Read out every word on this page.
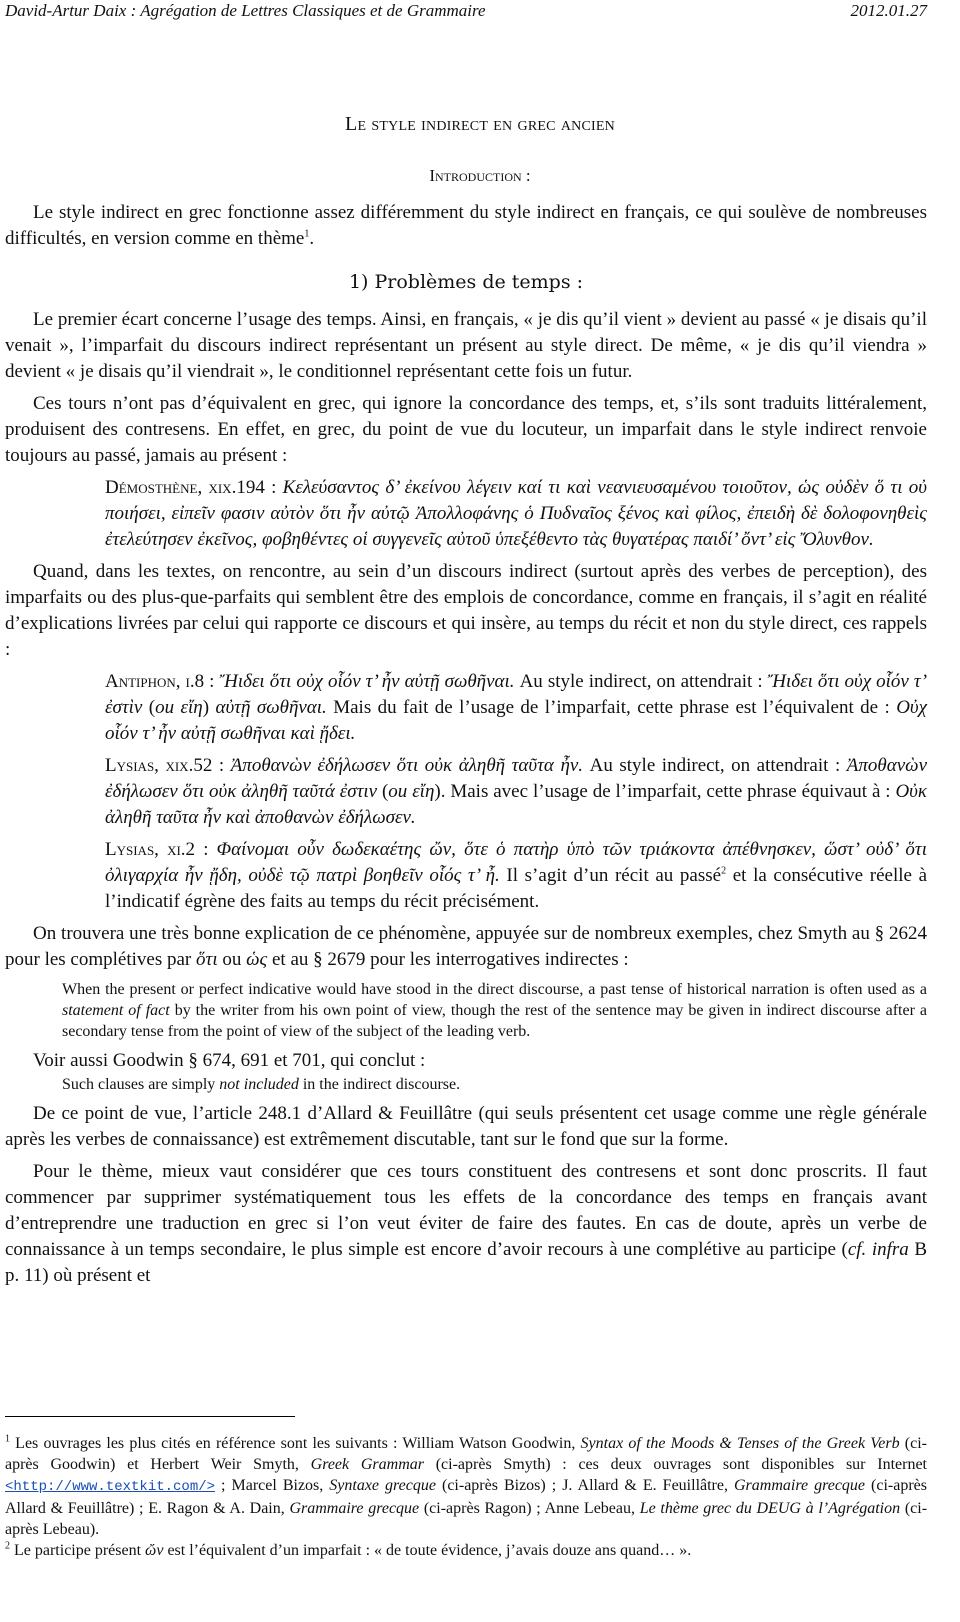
David-Artur Daix : Agrégation de Lettres Classiques et de Grammaire	2012.01.27
Le style indirect en grec ancien
Introduction :

Le style indirect en grec fonctionne assez différemment du style indirect en français, ce qui soulève de nombreuses difficultés, en version comme en thème$^1$.

1) Problèmes de temps :

Le premier écart concerne l’usage des temps. Ainsi, en français, « je dis qu’il vient » devient au passé « je disais qu’il venait », l’imparfait du discours indirect représentant un présent au style direct. De même, « je dis qu’il viendra » devient « je disais qu’il viendrait », le conditionnel représentant cette fois un futur.

Ces tours n’ont pas d’équivalent en grec, qui ignore la concordance des temps, et, s’ils sont traduits littéralement, produisent des contresens. En effet, en grec, du point de vue du locuteur, un imparfait dans le style indirect renvoie toujours au passé, jamais au présent :

Démosthène, xix.194 : Κελεύσαντος δ’ ἐκείνου λέγειν καί τι καὶ νεανιευσαμένου τοιοῦτον, ὡς οὐδὲν ὅ τι οὐ ποιήσει, εἰπεῖν φασιν αὐτὸν ὅτι ἦν αὐτῷ Ἀπολλοφάνης ὁ Πυδναῖος ξένος καὶ φίλος, ἐπειδὴ δὲ δολοφονηθεὶς ἐτελεύτησεν ἐκεῖνος, φοβηθέντες οἱ συγγενεῖς αὐτοῦ ὑπεξέθεντο τὰς θυγατέρας παιδί’ ὄντ’ εἰς Ὄλυνθον.

Quand, dans les textes, on rencontre, au sein d’un discours indirect (surtout après des verbes de perception), des imparfaits ou des plus-que-parfaits qui semblent être des emplois de concordance, comme en français, il s’agit en réalité d’explications livrées par celui qui rapporte ce discours et qui insère, au temps du récit et non du style direct, ces rappels :

Antiphon, i.8 : Ἤιδει ὅτι οὐχ οἷόν τ’ ἦν αὐτῇ σωθῆναι. Au style indirect, on attendrait : Ἤιδει ὅτι οὐχ οἷόν τ’ ἐστὶν (ou εἴη) αὐτῇ σωθῆναι. Mais du fait de l’usage de l’imparfait, cette phrase est l’équivalent de : Οὐχ οἷόν τ’ ἦν αὐτῇ σωθῆναι καὶ ᾔδει.

Lysias, xix.52 : Ἀποθανὼν ἐδήλωσεν ὅτι οὐκ ἀληθῆ ταῦτα ἦν. Au style indirect, on attendrait : Ἀποθανὼν ἐδήλωσεν ὅτι οὐκ ἀληθῆ ταῦτά ἐστιν (ou εἴη). Mais avec l’usage de l’imparfait, cette phrase équivaut à : Οὐκ ἀληθῆ ταῦτα ἦν καὶ ἀποθανὼν ἐδήλωσεν.

Lysias, xi.2 : Φαίνομαι οὖν δωδεκαέτης ὤν, ὅτε ὁ πατὴρ ὑπὸ τῶν τριάκοντα ἀπέθνησκεν, ὥστ’ οὐδ’ ὅτι ὀλιγαρχία ἦν ᾔδη, οὐδὲ τῷ πατρὶ βοηθεῖν οἷός τ’ ἦ. Il s’agit d’un récit au passé$^2$ et la consécutive réelle à l’indicatif égrène des faits au temps du récit précisément.

On trouvera une très bonne explication de ce phénomène, appuyée sur de nombreux exemples, chez Smyth au § 2624 pour les complétives par ὅτι ou ὡς et au § 2679 pour les interrogatives indirectes :

When the present or perfect indicative would have stood in the direct discourse, a past tense of historical narration is often used as a statement of fact by the writer from his own point of view, though the rest of the sentence may be given in indirect discourse after a secondary tense from the point of view of the subject of the leading verb.

Voir aussi Goodwin § 674, 691 et 701, qui conclut :

Such clauses are simply not included in the indirect discourse.

De ce point de vue, l’article 248.1 d’Allard & Feuillâtre (qui seuls présentent cet usage comme une règle générale après les verbes de connaissance) est extrêmement discutable, tant sur le fond que sur la forme.

Pour le thème, mieux vaut considérer que ces tours constituent des contresens et sont donc proscrits. Il faut commencer par supprimer systématiquement tous les effets de la concordance des temps en français avant d’entreprendre une traduction en grec si l’on veut éviter de faire des fautes. En cas de doute, après un verbe de connaissance à un temps secondaire, le plus simple est encore d’avoir recours à une complétive au participe (cf. infra B p. 11) où présent et

$^1$ Les ouvrages les plus cités en référence sont les suivants : William Watson Goodwin, Syntax of the Moods & Tenses of the Greek Verb (ci-après Goodwin) et Herbert Weir Smyth, Greek Grammar (ci-après Smyth) : ces deux ouvrages sont disponibles sur Internet <http://www.textkit.com/> ; Marcel Bizos, Syntaxe grecque (ci-après Bizos) ; J. Allard & E. Feuillâtre, Grammaire grecque (ci-après Allard & Feuillâtre) ; E. Ragon & A. Dain, Grammaire grecque (ci-après Ragon) ; Anne Lebeau, Le thème grec du DEUG à l’Agrégation (ci-après Lebeau).

$^2$ Le participe présent ὤν est l’équivalent d’un imparfait : « de toute évidence, j’avais douze ans quand… ».
